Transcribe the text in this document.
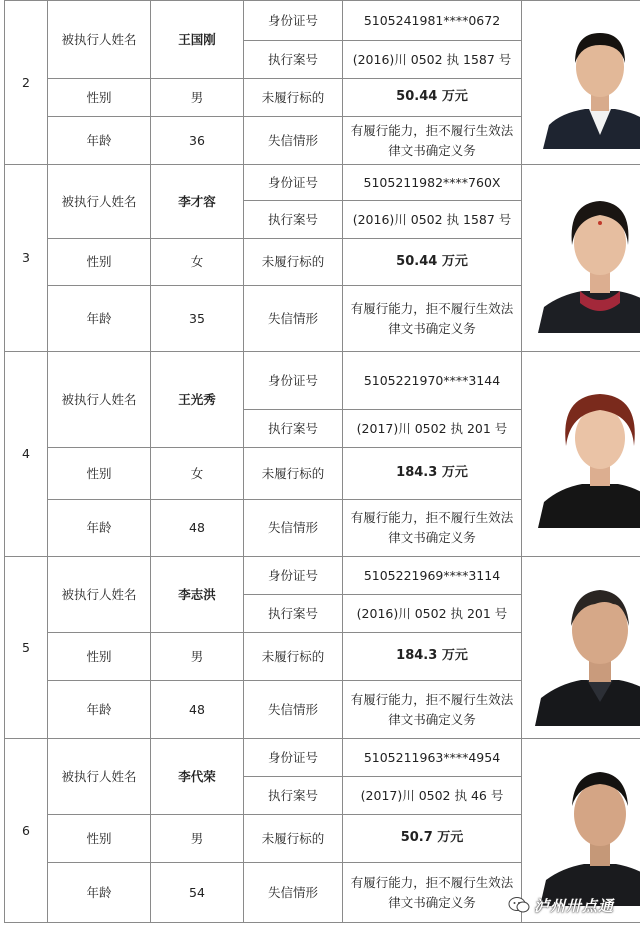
2	被执行人姓名	王国刚	身份证号	5105241981****0672	

			执行案号	(2016)川 0502 执 1587 号	
	性别	男	未履行标的	50.44 万元	
	年龄	36	失信情形	有履行能力，拒不履行生效法律文书确定义务	
3	被执行人姓名	李才容	身份证号	5105211982****760X	

			执行案号	(2016)川 0502 执 1587 号	
	性别	女	未履行标的	50.44 万元	
	年龄	35	失信情形	有履行能力，拒不履行生效法律文书确定义务	
4	被执行人姓名	王光秀	身份证号	5105221970****3144	

			执行案号	(2017)川 0502 执 201 号	
	性别	女	未履行标的	184.3 万元	
	年龄	48	失信情形	有履行能力，拒不履行生效法律文书确定义务	
5	被执行人姓名	李志洪	身份证号	5105221969****3114	

			执行案号	(2016)川 0502 执 201 号	
	性别	男	未履行标的	184.3 万元	
	年龄	48	失信情形	有履行能力，拒不履行生效法律文书确定义务	
6	被执行人姓名	李代荣	身份证号	5105211963****4954	

			执行案号	(2017)川 0502 执 46 号	
	性别	男	未履行标的	50.7 万元	
	年龄	54	失信情形	有履行能力，拒不履行生效法律文书确定义务		泸州卅点通
